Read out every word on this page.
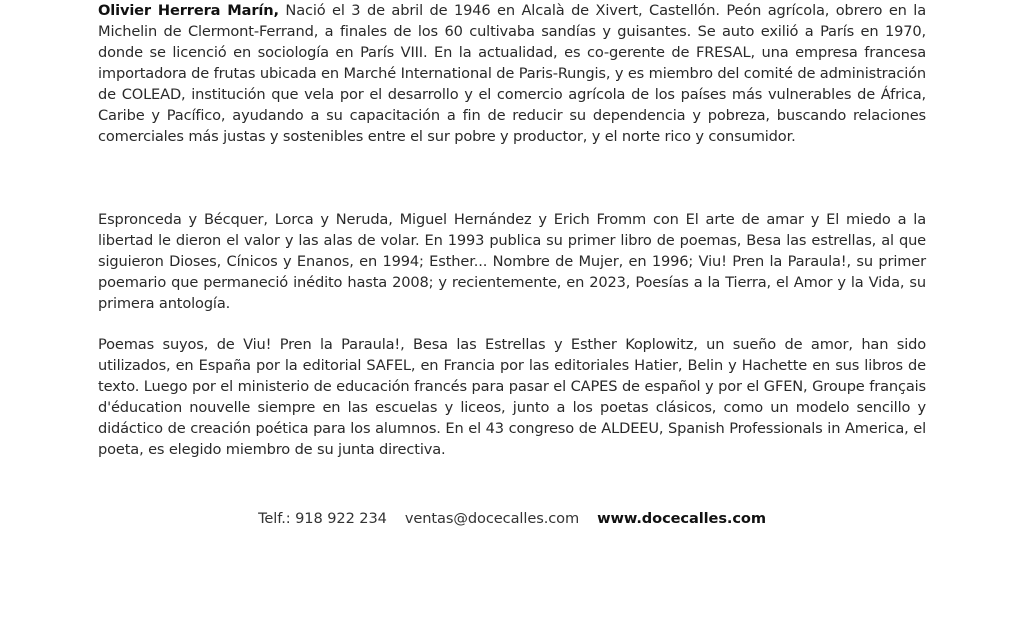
Olivier Herrera Marín, Nació el 3 de abril de 1946 en Alcalà de Xivert, Castellón. Peón agrícola, obrero en la Michelin de Clermont-Ferrand, a finales de los 60 cultivaba sandías y guisantes. Se auto exilió a París en 1970, donde se licenció en sociología en París VIII. En la actualidad, es co-gerente de FRESAL, una empresa francesa importadora de frutas ubicada en Marché International de Paris-Rungis, y es miembro del comité de administración de COLEAD, institución que vela por el desarrollo y el comercio agrícola de los países más vulnerables de África, Caribe y Pacífico, ayudando a su capacitación a fin de reducir su dependencia y pobreza, buscando relaciones comerciales más justas y sostenibles entre el sur pobre y productor, y el norte rico y consumidor.

Espronceda y Bécquer, Lorca y Neruda, Miguel Hernández y Erich Fromm con El arte de amar y El miedo a la libertad le dieron el valor y las alas de volar. En 1993 publica su primer libro de poemas, Besa las estrellas, al que siguieron Dioses, Cínicos y Enanos, en 1994; Esther... Nombre de Mujer, en 1996; Viu! Pren la Paraula!, su primer poemario que permaneció inédito hasta 2008; y recientemente, en 2023, Poesías a la Tierra, el Amor y la Vida, su primera antología.

Poemas suyos, de Viu! Pren la Paraula!, Besa las Estrellas y Esther Koplowitz, un sueño de amor, han sido utilizados, en España por la editorial SAFEL, en Francia por las editoriales Hatier, Belin y Hachette en sus libros de texto. Luego por el ministerio de educación francés para pasar el CAPES de español y por el GFEN, Groupe français d'éducation nouvelle siempre en las escuelas y liceos, junto a los poetas clásicos, como un modelo sencillo y didáctico de creación poética para los alumnos. En el 43 congreso de ALDEEU, Spanish Professionals in America, el poeta, es elegido miembro de su junta directiva.

Telf.: 918 922 234 ventas@docecalles.com www.docecalles.com
